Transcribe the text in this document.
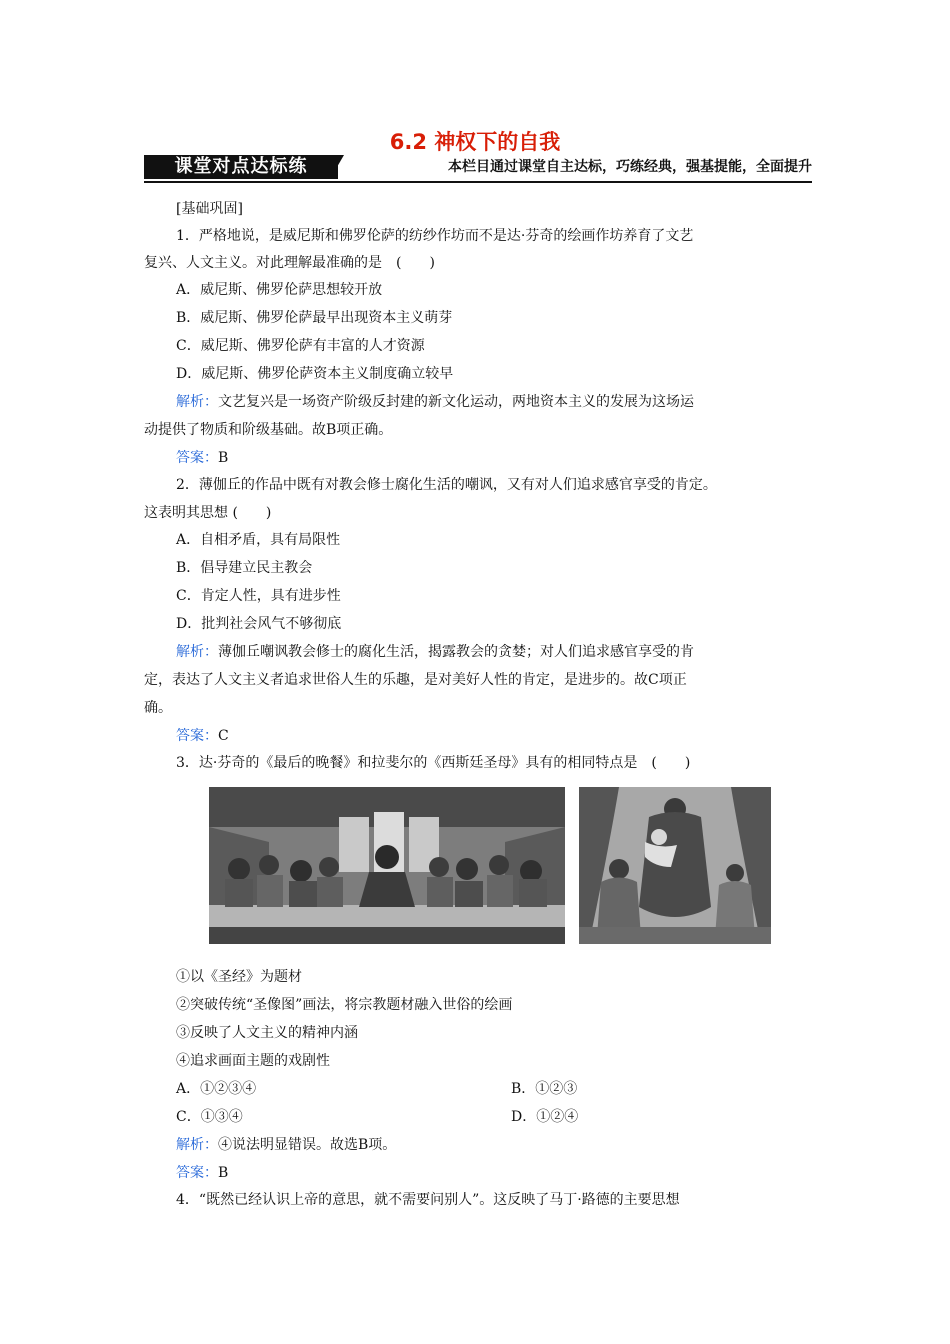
6.2 神权下的自我
课堂对点达标练	本栏目通过课堂自主达标，巧练经典，强基提能，全面提升
[基础巩固]
1．严格地说，是威尼斯和佛罗伦萨的纺纱作坊而不是达·芬奇的绘画作坊养育了文艺
复兴、人文主义。对此理解最准确的是　(　　)
A．威尼斯、佛罗伦萨思想较开放
B．威尼斯、佛罗伦萨最早出现资本主义萌芽
C．威尼斯、佛罗伦萨有丰富的人才资源
D．威尼斯、佛罗伦萨资本主义制度确立较早
解析：文艺复兴是一场资产阶级反封建的新文化运动，两地资本主义的发展为这场运
动提供了物质和阶级基础。故B项正确。
答案：B
2．薄伽丘的作品中既有对教会修士腐化生活的嘲讽，又有对人们追求感官享受的肯定。
这表明其思想 (　　)
A．自相矛盾，具有局限性
B．倡导建立民主教会
C．肯定人性，具有进步性
D．批判社会风气不够彻底
解析：薄伽丘嘲讽教会修士的腐化生活，揭露教会的贪婪；对人们追求感官享受的肯
定，表达了人文主义者追求世俗人生的乐趣，是对美好人性的肯定，是进步的。故C项正
确。
答案：C
3．达·芬奇的《最后的晚餐》和拉斐尔的《西斯廷圣母》具有的相同特点是　(　　)
①以《圣经》为题材
②突破传统“圣像图”画法，将宗教题材融入世俗的绘画
③反映了人文主义的精神内涵
④追求画面主题的戏剧性
A．①②③④	B．①②③
C．①③④	D．①②④
解析：④说法明显错误。故选B项。
答案：B
4．“既然已经认识上帝的意思，就不需要问别人”。这反映了马丁·路德的主要思想
